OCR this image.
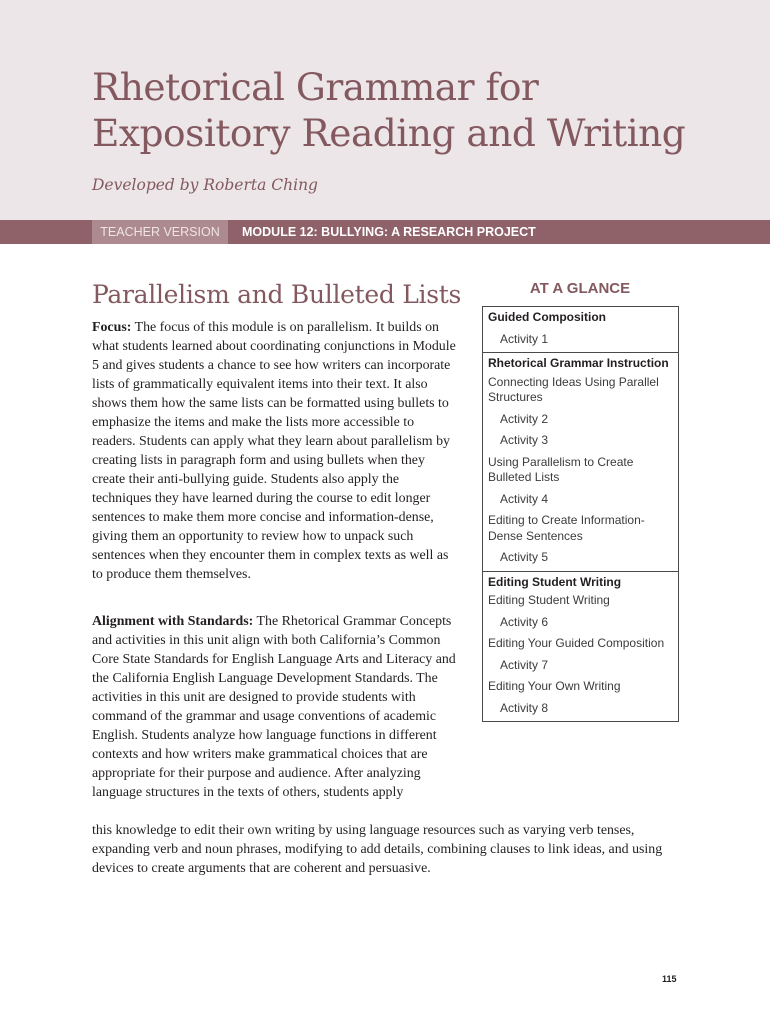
Rhetorical Grammar for
Expository Reading and Writing

Developed by Roberta Ching

TEACHER VERSION	MODULE 12: BULLYING: A RESEARCH PROJECT
Parallelism and Bulleted Lists

Focus: The focus of this module is on parallelism. It builds on what students learned about coordinating conjunctions in Module 5 and gives students a chance to see how writers can incorporate lists of grammatically equivalent items into their text. It also shows them how the same lists can be formatted using bullets to emphasize the items and make the lists more accessible to readers. Students can apply what they learn about parallelism by creating lists in paragraph form and using bullets when they create their anti-bullying guide. Students also apply the techniques they have learned during the course to edit longer sentences to make them more concise and information-dense, giving them an opportunity to review how to unpack such sentences when they encounter them in complex texts as well as to produce them themselves.

Alignment with Standards: The Rhetorical Grammar Concepts and activities in this unit align with both California’s Common Core State Standards for English Language Arts and Literacy and the California English Language Development Standards. The activities in this unit are designed to provide students with command of the grammar and usage conventions of academic English. Students analyze how language functions in different contexts and how writers make grammatical choices that are appropriate for their purpose and audience. After analyzing language structures in the texts of others, students apply

this knowledge to edit their own writing by using language resources such as varying verb tenses, expanding verb and noun phrases, modifying to add details, combining clauses to link ideas, and using devices to create arguments that are coherent and persuasive.

AT A GLANCE
Guided Composition
Activity 1
Rhetorical Grammar Instruction
Connecting Ideas Using Parallel Structures
Activity 2
Activity 3
Using Parallelism to Create Bulleted Lists
Activity 4
Editing to Create Information-Dense Sentences
Activity 5
Editing Student Writing
Editing Student Writing
Activity 6
Editing Your Guided Composition
Activity 7
Editing Your Own Writing
Activity 8
115
